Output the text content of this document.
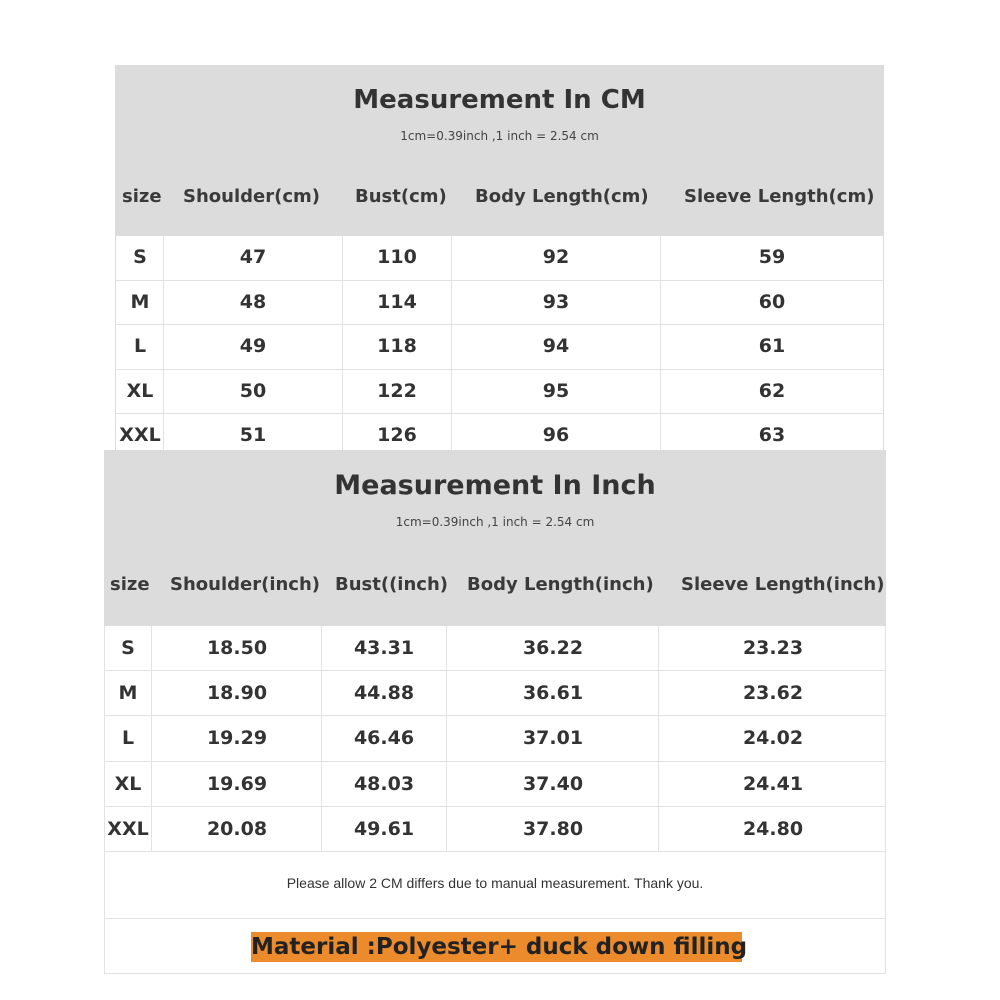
Measurement In CM
1cm=0.39inch ,1 inch = 2.54 cm
size Shoulder(cm) Bust(cm) Body Length(cm) Sleeve Length(cm)
S	47	110	92	59
M	48	114	93	60
L	49	118	94	61
XL	50	122	95	62
XXL	51	126	96	63
Measurement In Inch
1cm=0.39inch ,1 inch = 2.54 cm
size Shoulder(inch) Bust((inch) Body Length(inch) Sleeve Length(inch)
S	18.50	43.31	36.22	23.23
M	18.90	44.88	36.61	23.62
L	19.29	46.46	37.01	24.02
XL	19.69	48.03	37.40	24.41
XXL	20.08	49.61	37.80	24.80
Please allow 2 CM differs due to manual measurement. Thank you.
Material :Polyester+ duck down filling
